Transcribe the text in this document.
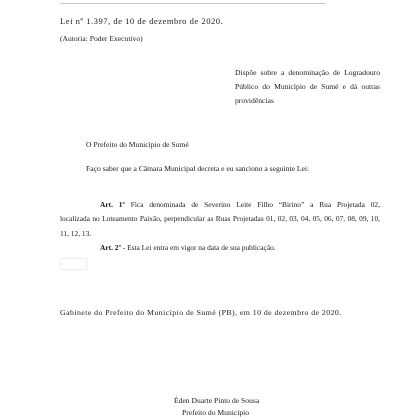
Lei nº 1.397, de 10 de dezembro de 2020.
(Autoria: Poder Executivo)
Dispõe sobre a denominação de Logradouro Público do Município de Sumé e dá outras providências
O Prefeito do Município de Sumé
Faço saber que a Câmara Municipal decreta e eu sanciono a seguinte Lei:
Art. 1º Fica denominada de Severino Leite Filho “Birino” a Rua Projetada 02,
localizada no Loteamento Paixão, perpendicular as Ruas Projetadas 01, 02, 03, 04, 05, 06, 07, 08, 09, 10, 11, 12, 13.
Art. 2º - Esta Lei entra em vigor na data de sua publicação.
Gabinete do Prefeito do Município de Sumé (PB), em 10 de dezembro de 2020.
Éden Duarte Pinto de Sousa
Prefeito do Município
